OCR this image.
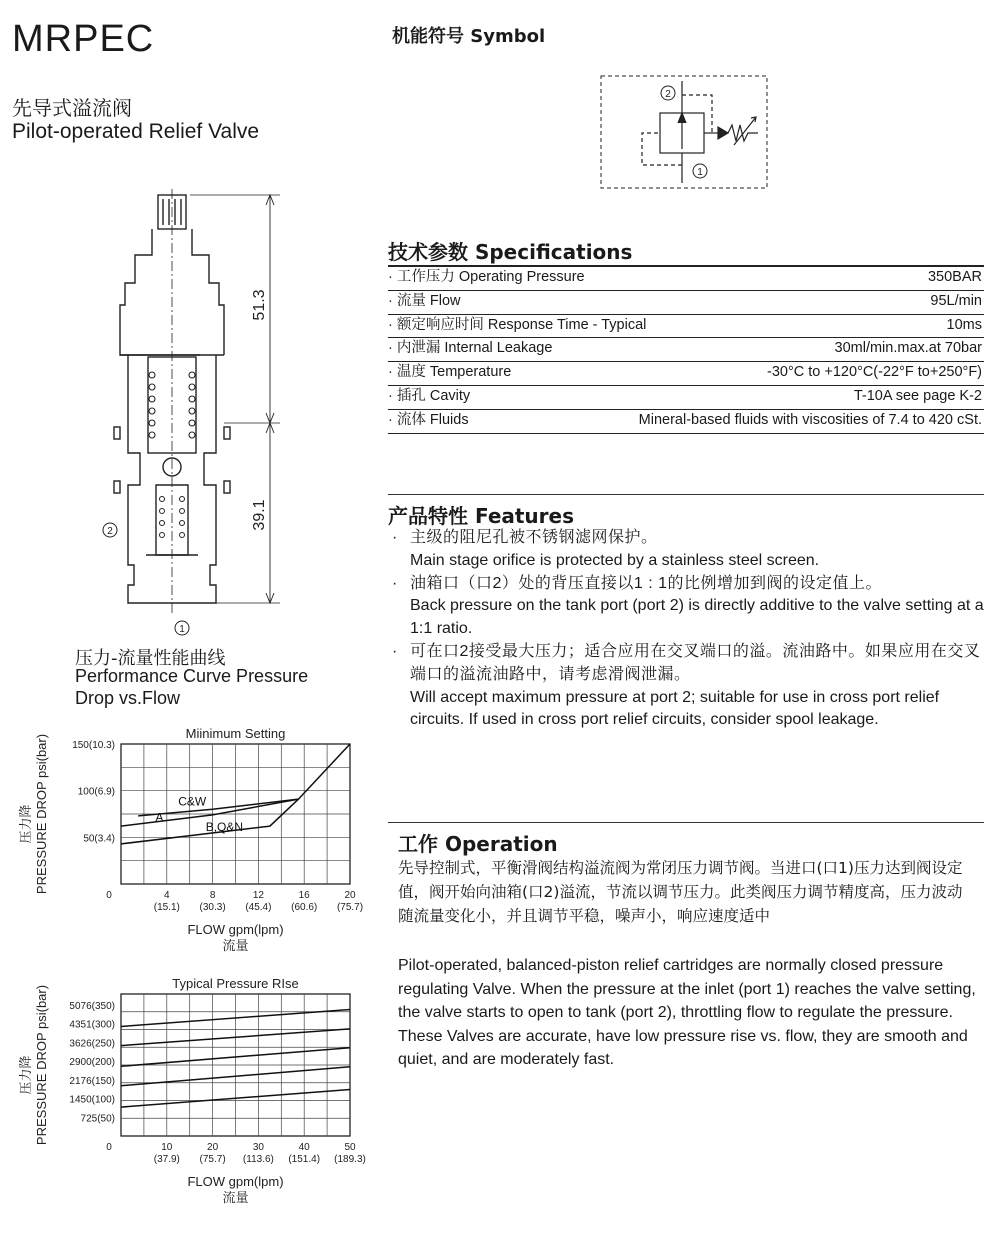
MRPEC
先导式溢流阀
Pilot-operated Relief Valve
51.3
39.1
2
1
机能符号 Symbol
2
1
技术参数 Specifications
· 工作压力 Operating Pressure	350BAR
· 流量 Flow	95L/min
· 额定响应时间 Response Time - Typical	10ms
· 内泄漏 Internal Leakage	30ml/min.max.at 70bar
· 温度 Temperature	-30°C to +120°C(-22°F to+250°F)
· 插孔 Cavity	T-10A see page K-2
· 流体 Fluids	Mineral-based fluids with viscosities of 7.4 to 420 cSt.
产品特性 Features
· 主级的阻尼孔被不锈钢滤网保护。
Main stage orifice is protected by a stainless steel screen.
· 油箱口（口2）处的背压直接以1 : 1的比例增加到阀的设定值上。
Back pressure on the tank port (port 2) is directly additive to the valve setting at a 1:1 ratio.
· 可在口2接受最大压力；适合应用在交叉端口的溢。流油路中。如果应用在交叉端口的溢流油路中，请考虑滑阀泄漏。
Will accept maximum pressure at port 2; suitable for use in cross port relief circuits. If used in cross port relief circuits, consider spool leakage.
工作 Operation
先导控制式，平衡滑阀结构溢流阀为常闭压力调节阀。当进口(口1)压力达到阀设定值，阀开始向油箱(口2)溢流，节流以调节压力。此类阀压力调节精度高，压力波动随流量变化小，并且调节平稳，噪声小，响应速度适中
Pilot-operated, balanced-piston relief cartridges are normally closed pressure regulating Valve. When the pressure at the inlet (port 1) reaches the valve setting, the valve starts to open to tank (port 2), throttling flow to regulate the pressure. These Valves are accurate, have low pressure rise vs. flow, they are smooth and quiet, and are moderately fast.
压力-流量性能曲线
Performance Curve Pressure
Drop vs.Flow
Miinimum Setting
150(10.3)
100(6.9)
50(3.4)
4
(15.1)
8
(30.3)
12
(45.4)
16
(60.6)
20
(75.7)
0
FLOW gpm(lpm)
流量
压力降 PRESSURE DROP psi(bar)	C&W
A
B,Q&N
Typical Pressure RIse
5076(350)
4351(300)
3626(250)
2900(200)
2176(150)
1450(100)
725(50)
10
(37.9)
20
(75.7)
30
(113.6)
40
(151.4)
50
(189.3)
0
FLOW gpm(lpm)
流量
压力降 PRESSURE DROP psi(bar)
